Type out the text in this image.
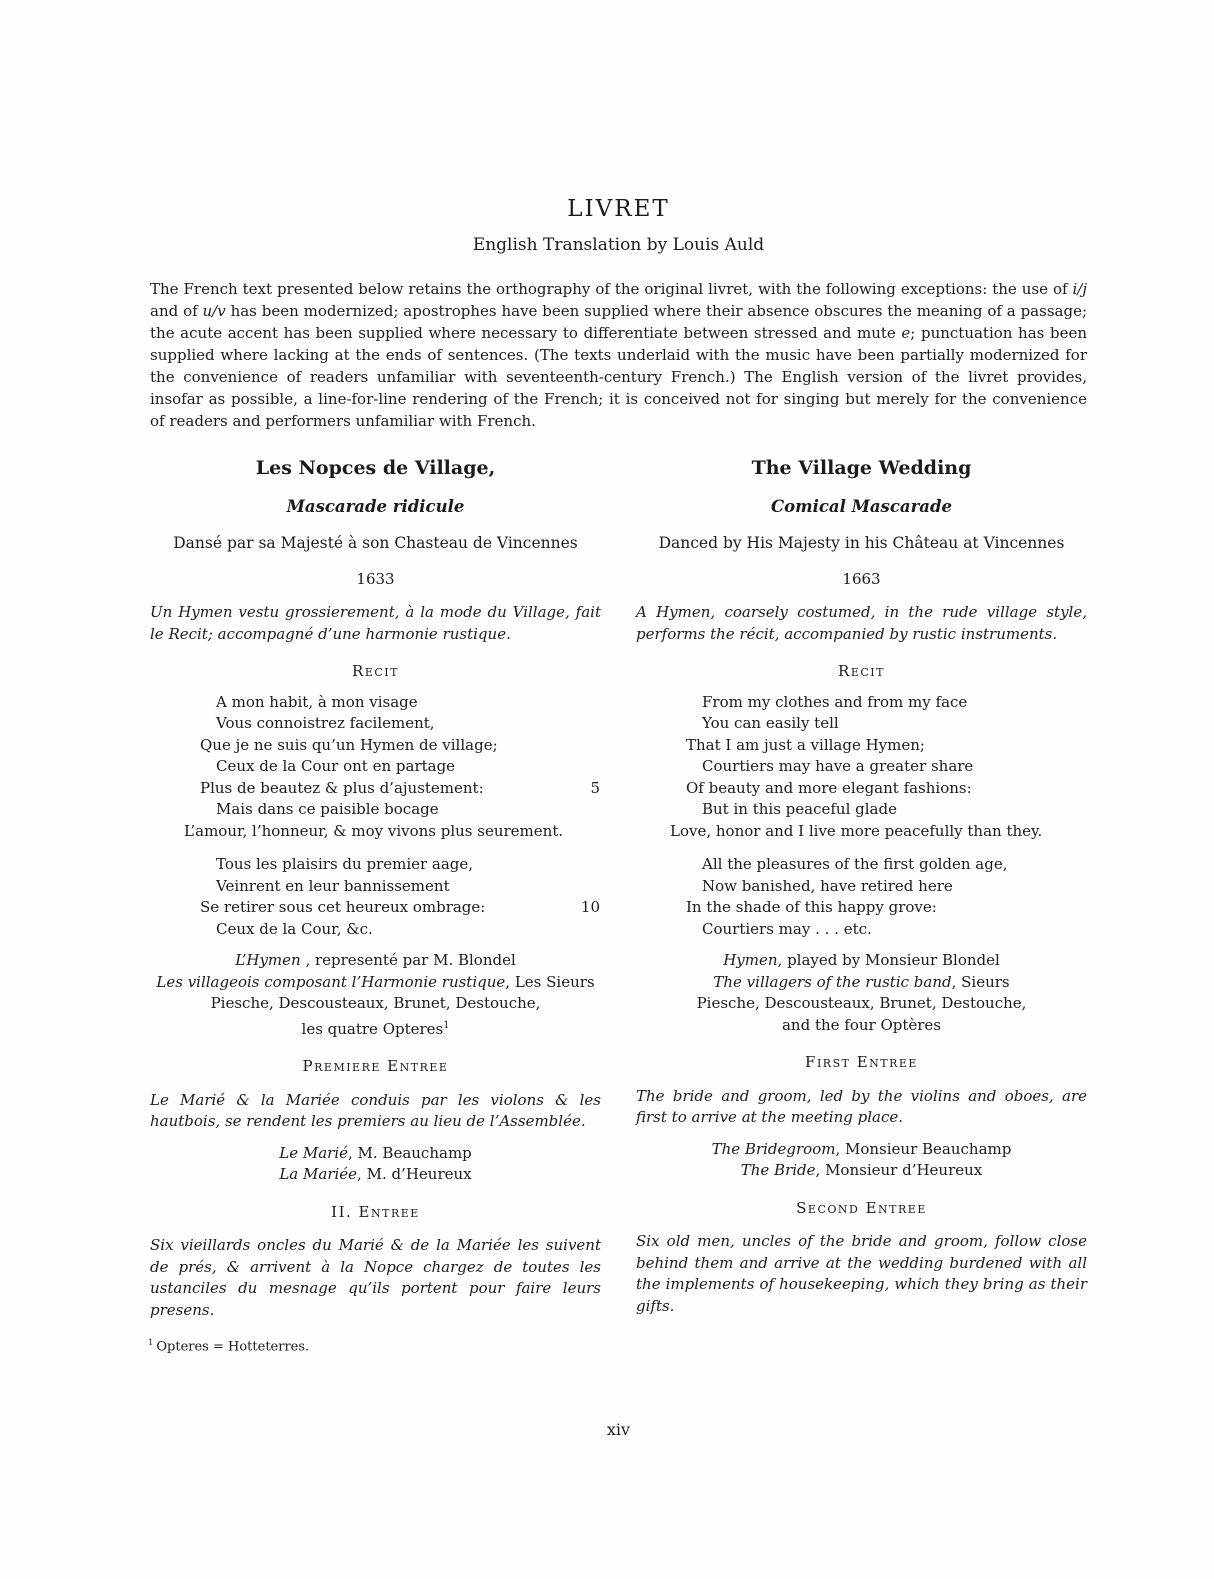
LIVRET
English Translation by Louis Auld

The French text presented below retains the orthography of the original livret, with the following exceptions: the use of i/j and of u/v has been modernized; apostrophes have been supplied where their absence obscures the meaning of a passage; the acute accent has been supplied where necessary to differentiate between stressed and mute e; punctuation has been supplied where lacking at the ends of sentences. (The texts underlaid with the music have been partially modernized for the convenience of readers unfamiliar with seventeenth-century French.) The English version of the livret provides, insofar as possible, a line-for-line rendering of the French; it is conceived not for singing but merely for the convenience of readers and performers unfamiliar with French.

Les Nopces de Village,
Mascarade ridicule
Dansé par sa Majesté à son Chasteau de Vincennes
1633

Un Hymen vestu grossierement, à la mode du Village, fait le Recit; accompagné d’une harmonie rustique.

Recit
A mon habit, à mon visage
Vous connoistrez facilement,
Que je ne suis qu’un Hymen de village;
Ceux de la Cour ont en partage
Plus de beautez & plus d’ajustement:	5
Mais dans ce paisible bocage
L’amour, l’honneur, & moy vivons plus seurement.
Tous les plaisirs du premier aage,
Veinrent en leur bannissement
Se retirer sous cet heureux ombrage:	10
Ceux de la Cour, &c.
L’Hymen , representé par M. Blondel
Les villageois composant l’Harmonie rustique, Les Sieurs
Piesche, Descousteaux, Brunet, Destouche,
les quatre Opteres$^1$
Premiere Entree

Le Marié & la Mariée conduis par les violons & les hautbois, se rendent les premiers au lieu de l’Assemblée.

Le Marié, M. Beauchamp
La Mariée, M. d’Heureux
II. Entree

Six vieillards oncles du Marié & de la Mariée les suivent de prés, & arrivent à la Nopce chargez de toutes les ustanciles du mesnage qu’ils portent pour faire leurs presens.

The Village Wedding
Comical Mascarade
Danced by His Majesty in his Château at Vincennes
1663

A Hymen, coarsely costumed, in the rude village style, performs the récit, accompanied by rustic instruments.

Recit
From my clothes and from my face
You can easily tell
That I am just a village Hymen;
Courtiers may have a greater share
Of beauty and more elegant fashions:
But in this peaceful glade
Love, honor and I live more peacefully than they.
All the pleasures of the first golden age,
Now banished, have retired here
In the shade of this happy grove:
Courtiers may . . . etc.
Hymen, played by Monsieur Blondel
The villagers of the rustic band, Sieurs
Piesche, Descousteaux, Brunet, Destouche,
and the four Optères
First Entree

The bride and groom, led by the violins and oboes, are first to arrive at the meeting place.

The Bridegroom, Monsieur Beauchamp
The Bride, Monsieur d’Heureux
Second Entree

Six old men, uncles of the bride and groom, follow close behind them and arrive at the wedding burdened with all the implements of housekeeping, which they bring as their gifts.

$^1$ Opteres = Hotteterres.
xiv
